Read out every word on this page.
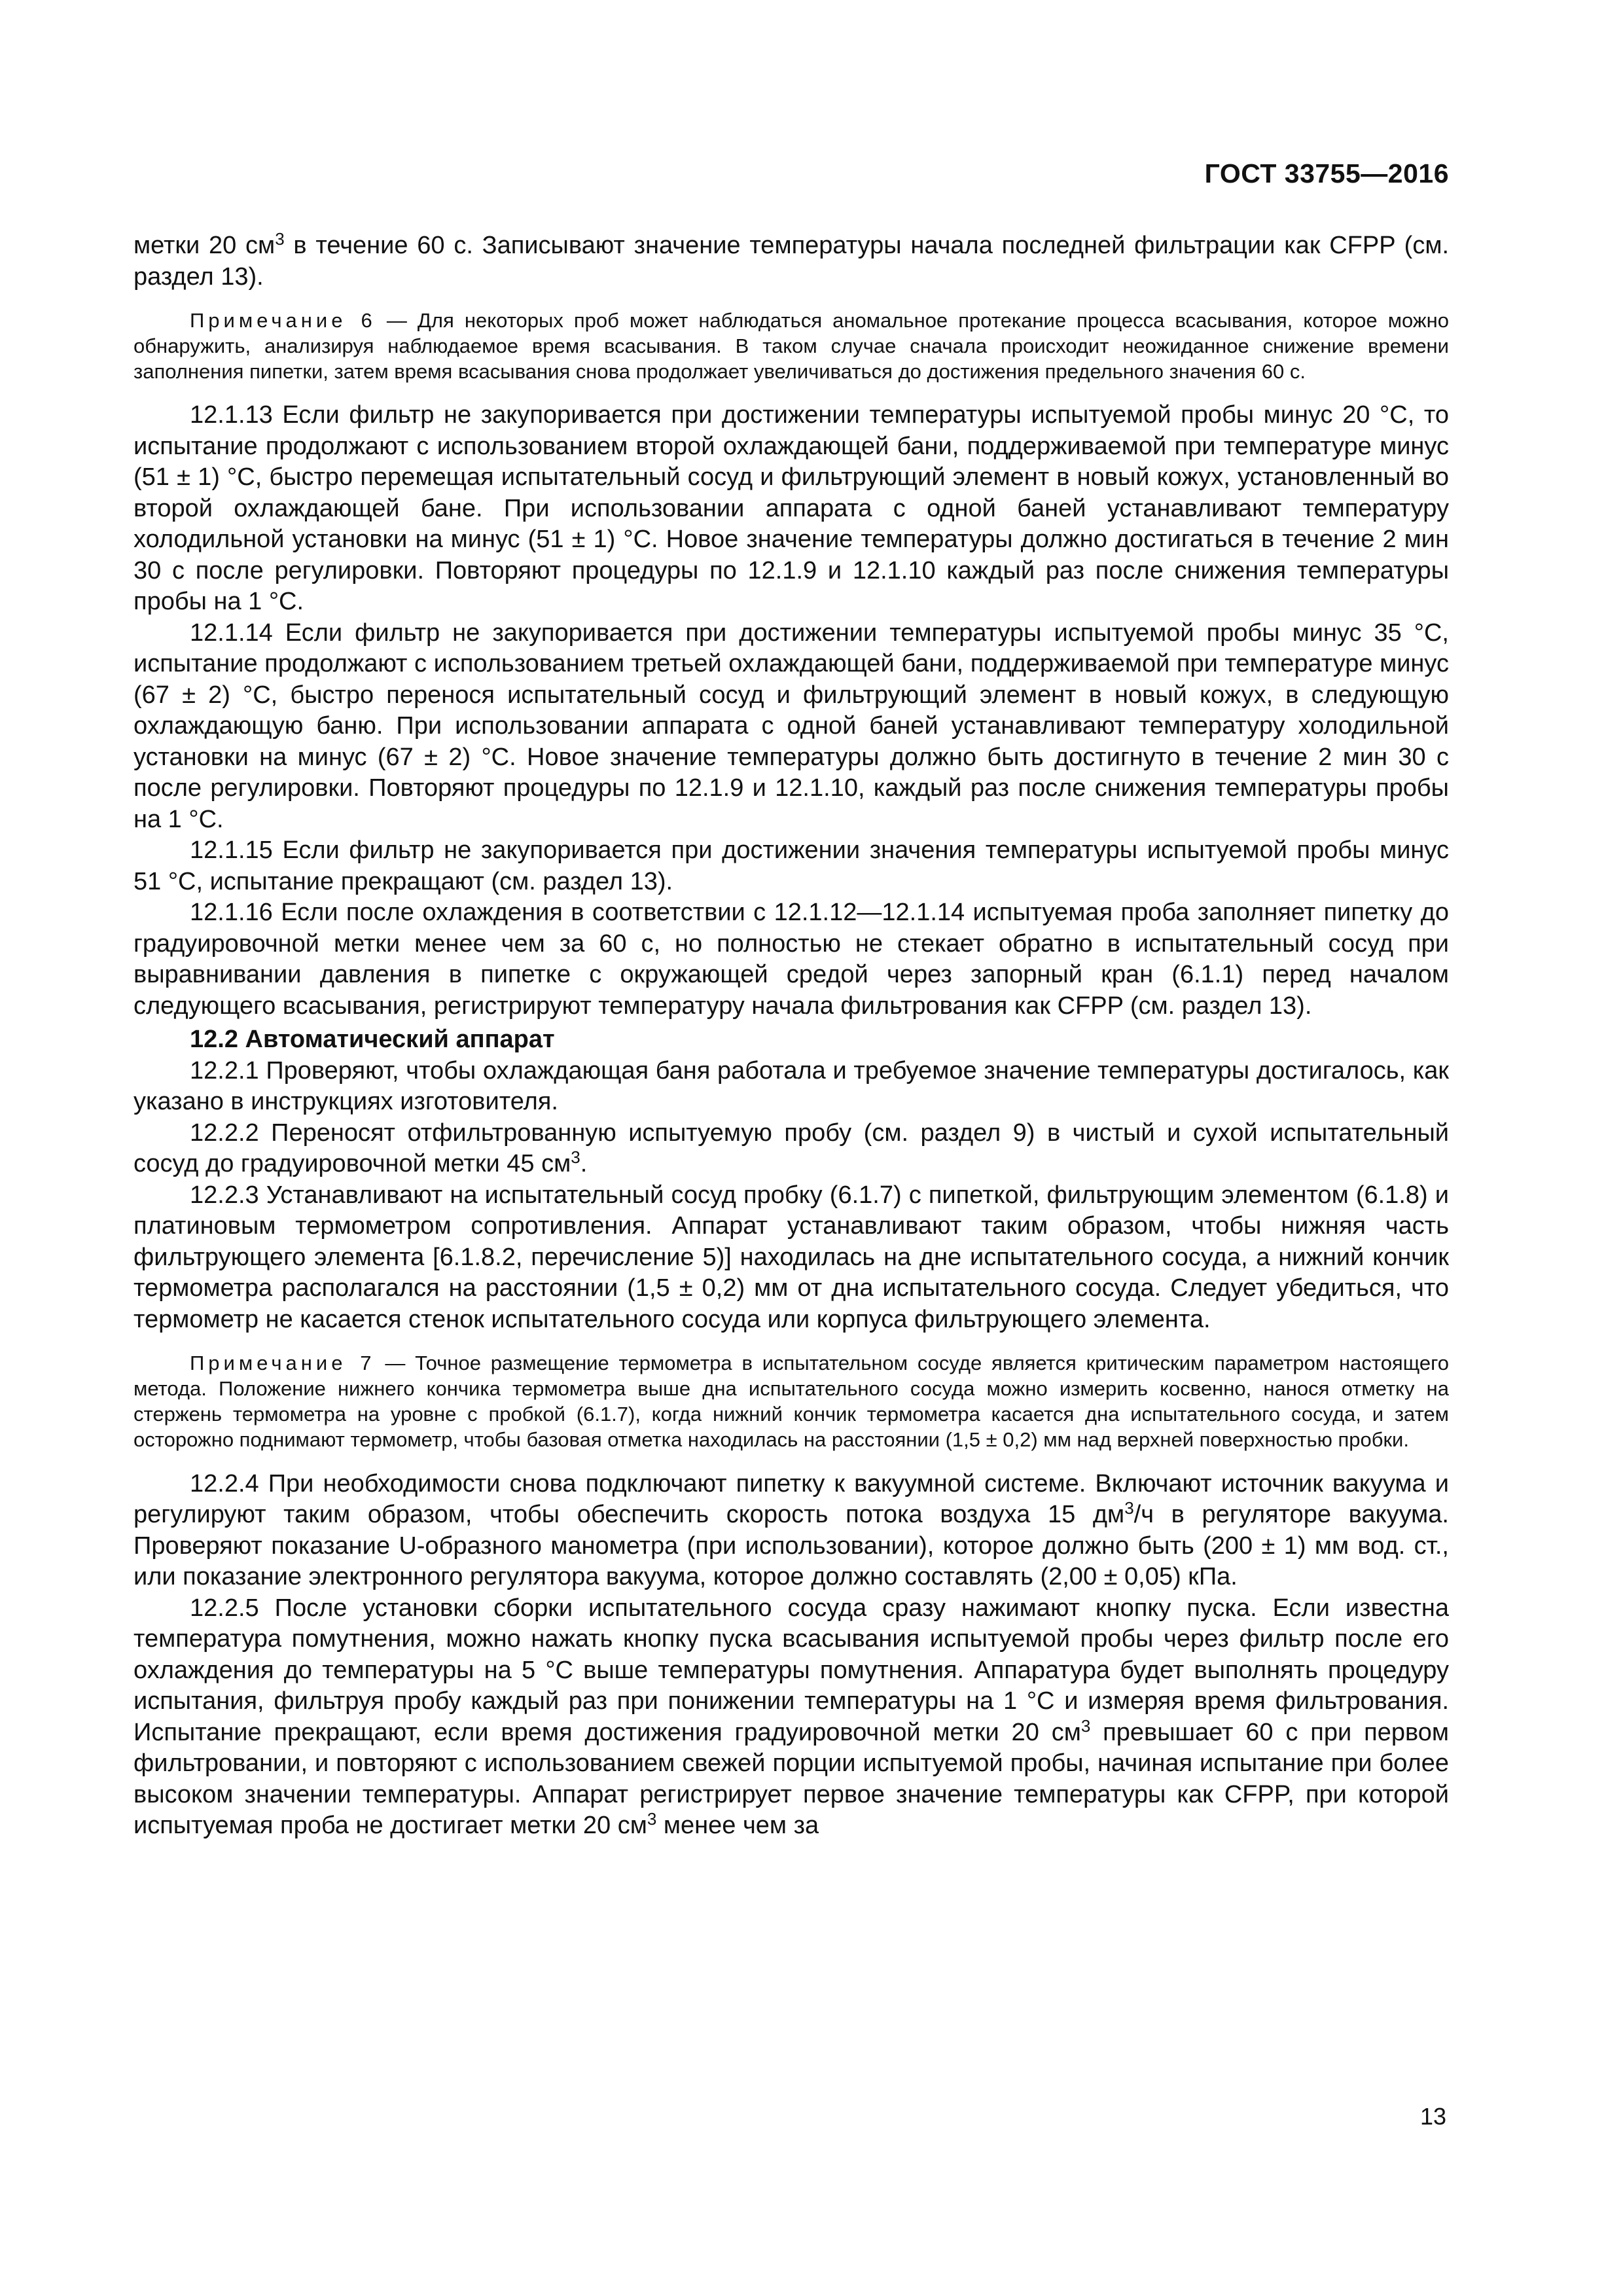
ГОСТ 33755—2016

метки 20 $см^3$ в течение 60 с. Записывают значение температуры начала последней фильтрации как CFPP (см. раздел 13).

Примечание 6 — Для некоторых проб может наблюдаться аномальное протекание процесса всасывания, которое можно обнаружить, анализируя наблюдаемое время всасывания. В таком случае сначала происходит неожиданное снижение времени заполнения пипетки, затем время всасывания снова продолжает увеличиваться до достижения предельного значения 60 с.

12.1.13 Если фильтр не закупоривается при достижении температуры испытуемой пробы минус 20 °С, то испытание продолжают с использованием второй охлаждающей бани, поддерживаемой при температуре минус (51 ± 1) °С, быстро перемещая испытательный сосуд и фильтрующий элемент в новый кожух, установленный во второй охлаждающей бане. При использовании аппарата с одной баней устанавливают температуру холодильной установки на минус (51 ± 1) °С. Новое значение температуры должно достигаться в течение 2 мин 30 с после регулировки. Повторяют процедуры по 12.1.9 и 12.1.10 каждый раз после снижения температуры пробы на 1 °С.

12.1.14 Если фильтр не закупоривается при достижении температуры испытуемой пробы минус 35 °С, испытание продолжают с использованием третьей охлаждающей бани, поддерживаемой при температуре минус (67 ± 2) °С, быстро перенося испытательный сосуд и фильтрующий элемент в новый кожух, в следующую охлаждающую баню. При использовании аппарата с одной баней устанавливают температуру холодильной установки на минус (67 ± 2) °С. Новое значение температуры должно быть достигнуто в течение 2 мин 30 с после регулировки. Повторяют процедуры по 12.1.9 и 12.1.10, каждый раз после снижения температуры пробы на 1 °С.

12.1.15 Если фильтр не закупоривается при достижении значения температуры испытуемой пробы минус 51 °С, испытание прекращают (см. раздел 13).

12.1.16 Если после охлаждения в соответствии с 12.1.12—12.1.14 испытуемая проба заполняет пипетку до градуировочной метки менее чем за 60 с, но полностью не стекает обратно в испытательный сосуд при выравнивании давления в пипетке с окружающей средой через запорный кран (6.1.1) перед началом следующего всасывания, регистрируют температуру начала фильтрования как CFPP (см. раздел 13).

12.2 Автоматический аппарат

12.2.1 Проверяют, чтобы охлаждающая баня работала и требуемое значение температуры достигалось, как указано в инструкциях изготовителя.

12.2.2 Переносят отфильтрованную испытуемую пробу (см. раздел 9) в чистый и сухой испытательный сосуд до градуировочной метки 45 $см^3$.

12.2.3 Устанавливают на испытательный сосуд пробку (6.1.7) с пипеткой, фильтрующим элементом (6.1.8) и платиновым термометром сопротивления. Аппарат устанавливают таким образом, чтобы нижняя часть фильтрующего элемента [6.1.8.2, перечисление 5)] находилась на дне испытательного сосуда, а нижний кончик термометра располагался на расстоянии (1,5 ± 0,2) мм от дна испытательного сосуда. Следует убедиться, что термометр не касается стенок испытательного сосуда или корпуса фильтрующего элемента.

Примечание 7 — Точное размещение термометра в испытательном сосуде является критическим параметром настоящего метода. Положение нижнего кончика термометра выше дна испытательного сосуда можно измерить косвенно, нанося отметку на стержень термометра на уровне с пробкой (6.1.7), когда нижний кончик термометра касается дна испытательного сосуда, и затем осторожно поднимают термометр, чтобы базовая отметка находилась на расстоянии (1,5 ± 0,2) мм над верхней поверхностью пробки.

12.2.4 При необходимости снова подключают пипетку к вакуумной системе. Включают источник вакуума и регулируют таким образом, чтобы обеспечить скорость потока воздуха 15 $дм^3/ч$ в регуляторе вакуума. Проверяют показание U-образного манометра (при использовании), которое должно быть (200 ± 1) мм вод. ст., или показание электронного регулятора вакуума, которое должно составлять (2,00 ± 0,05) кПа.

12.2.5 После установки сборки испытательного сосуда сразу нажимают кнопку пуска. Если известна температура помутнения, можно нажать кнопку пуска всасывания испытуемой пробы через фильтр после его охлаждения до температуры на 5 °С выше температуры помутнения. Аппаратура будет выполнять процедуру испытания, фильтруя пробу каждый раз при понижении температуры на 1 °С и измеряя время фильтрования. Испытание прекращают, если время достижения градуировочной метки 20 $см^3$ превышает 60 с при первом фильтровании, и повторяют с использованием свежей порции испытуемой пробы, начиная испытание при более высоком значении температуры. Аппарат регистрирует первое значение температуры как CFPP, при которой испытуемая проба не достигает метки 20 $см^3$ менее чем за

13
